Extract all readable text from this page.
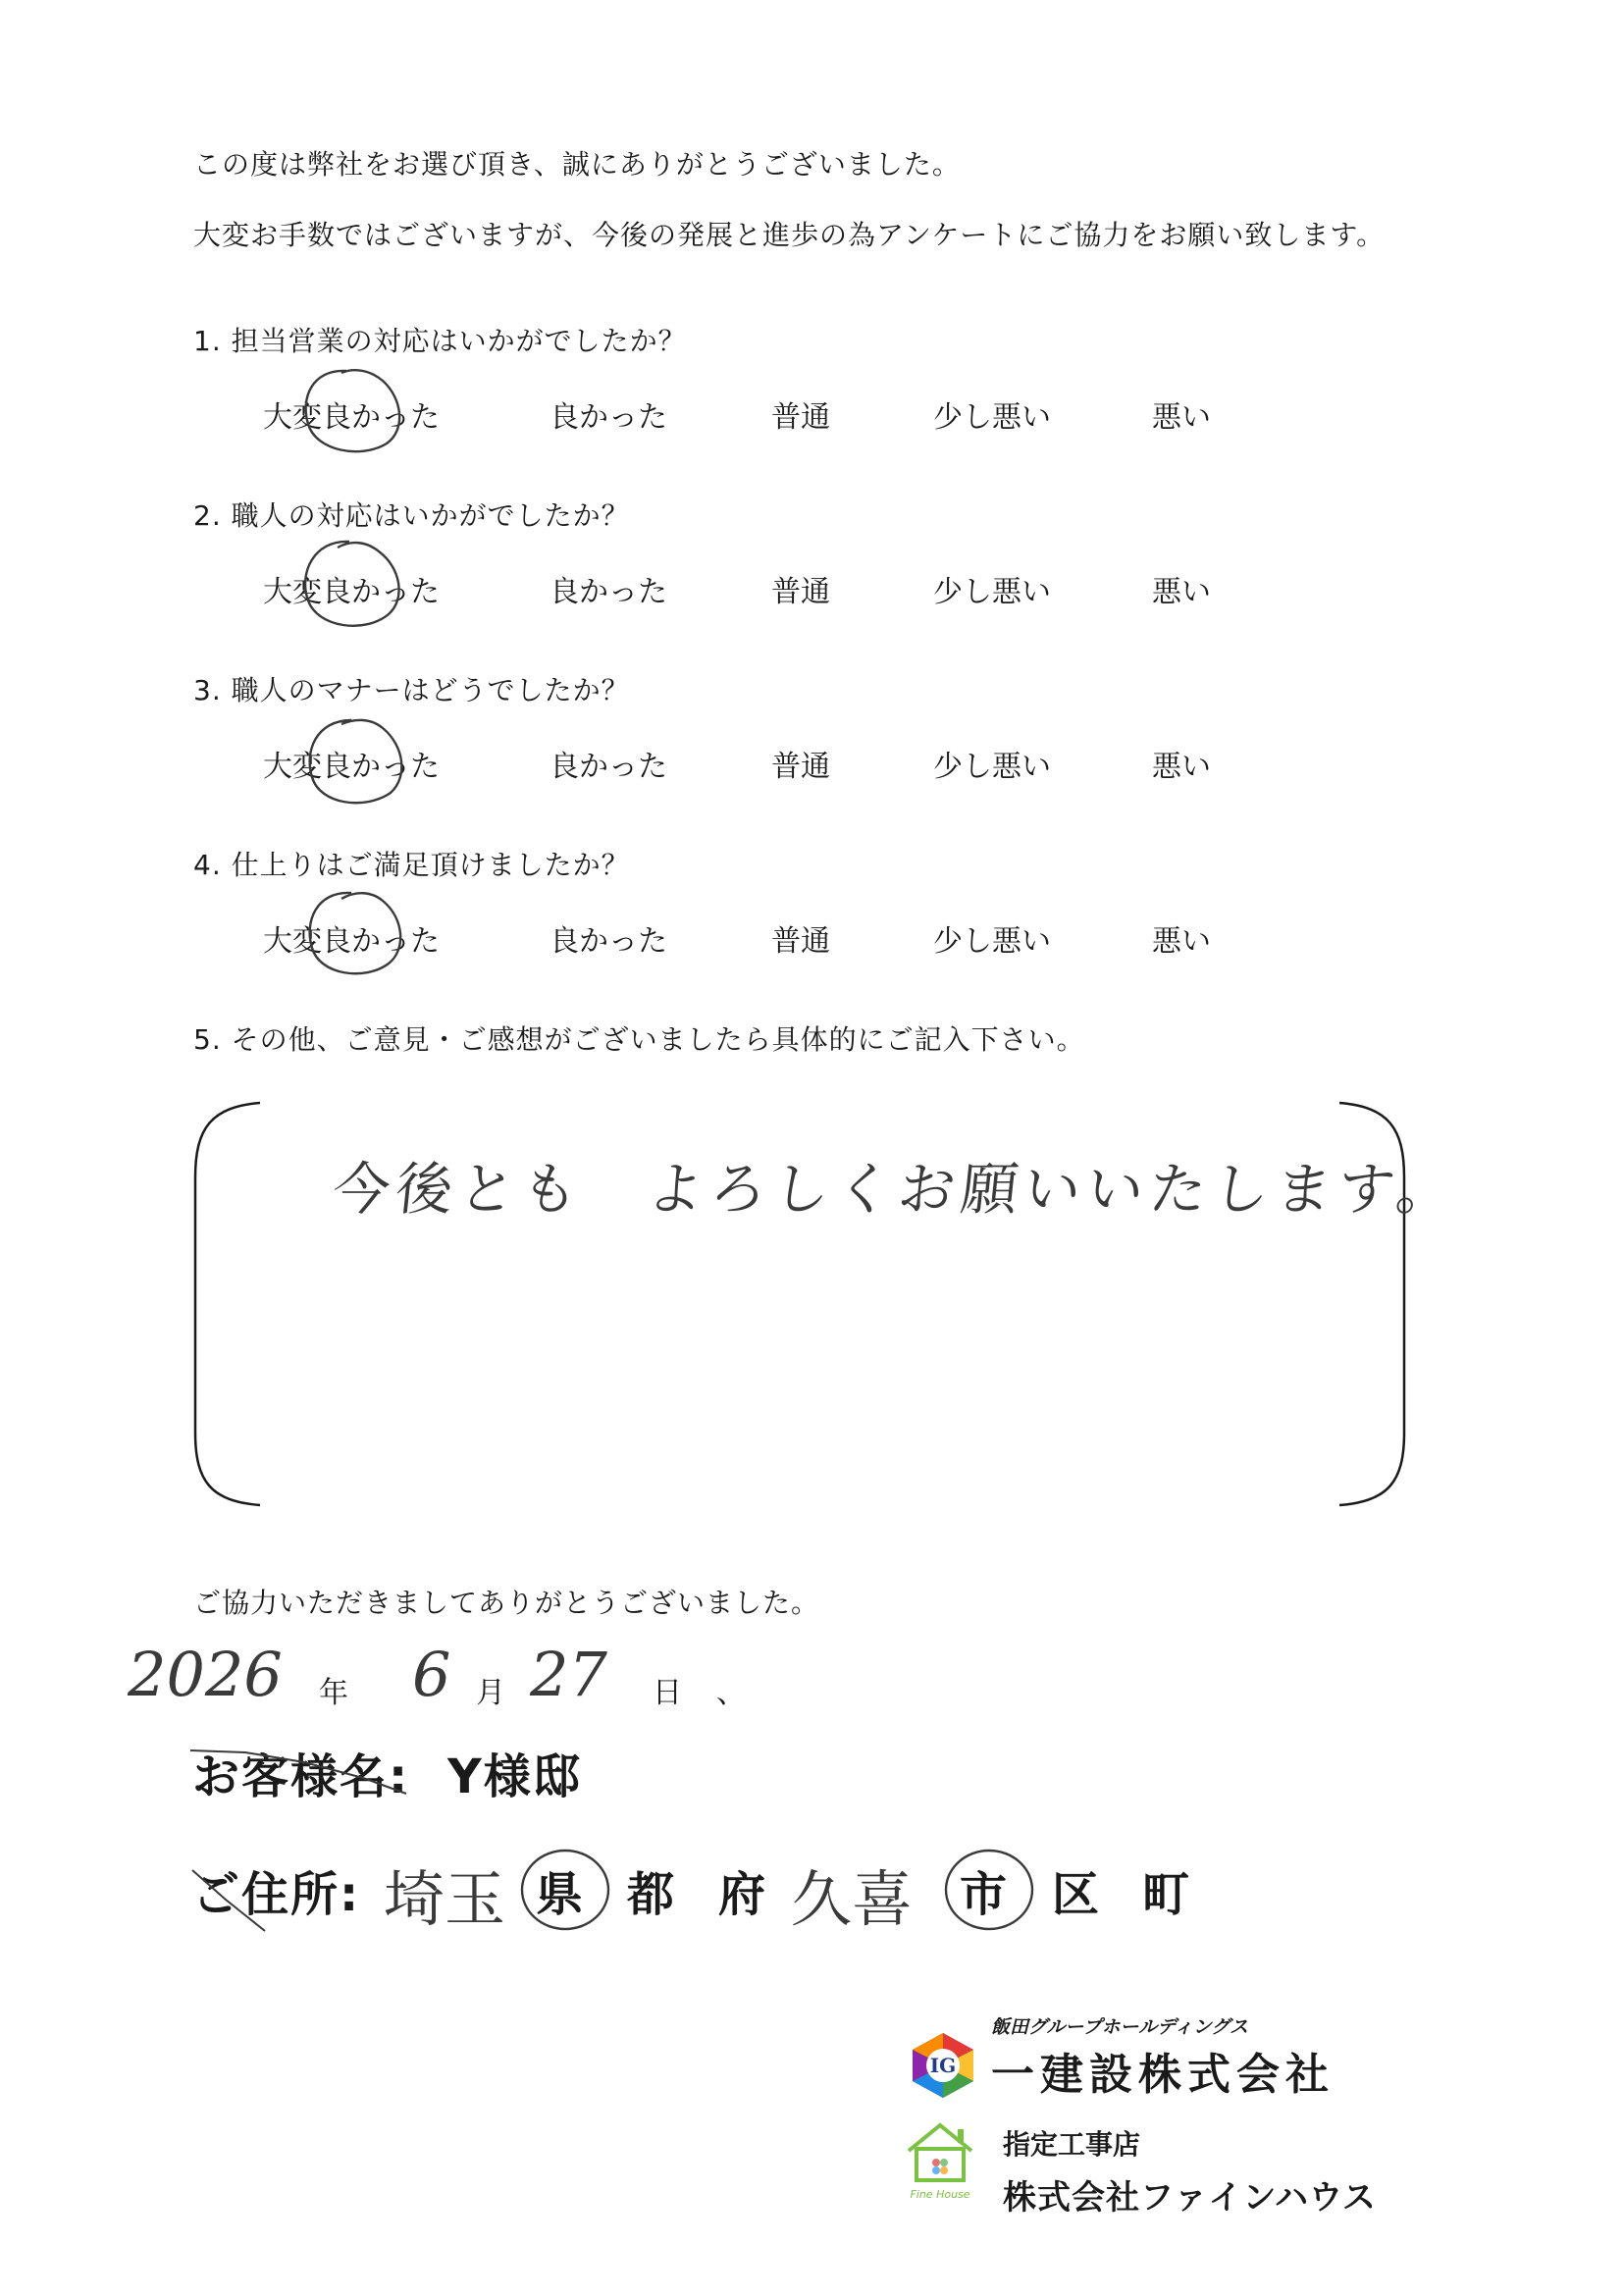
この度は弊社をお選び頂き、誠にありがとうございました。
大変お手数ではございますが、今後の発展と進歩の為アンケートにご協力をお願い致します。
1. 担当営業の対応はいかがでしたか？
大変良かった	良かった	普通	少し悪い	悪い
2. 職人の対応はいかがでしたか？
大変良かった	良かった	普通	少し悪い	悪い
3. 職人のマナーはどうでしたか？
大変良かった	良かった	普通	少し悪い	悪い
4. 仕上りはご満足頂けましたか？
大変良かった	良かった	普通	少し悪い	悪い
5. その他、ご意見・ご感想がございましたら具体的にご記入下さい。
今後とも　よろしくお願いいたします。
ご協力いただきましてありがとうございました。
2026 年 6 月 27 日 、
お客様名: Y様邸
ご住所: 埼玉 県 都 府 久喜 市 区 町
IG
飯田グループホールディングス
一建設株式会社
Fine House
指定工事店
株式会社ファインハウス
